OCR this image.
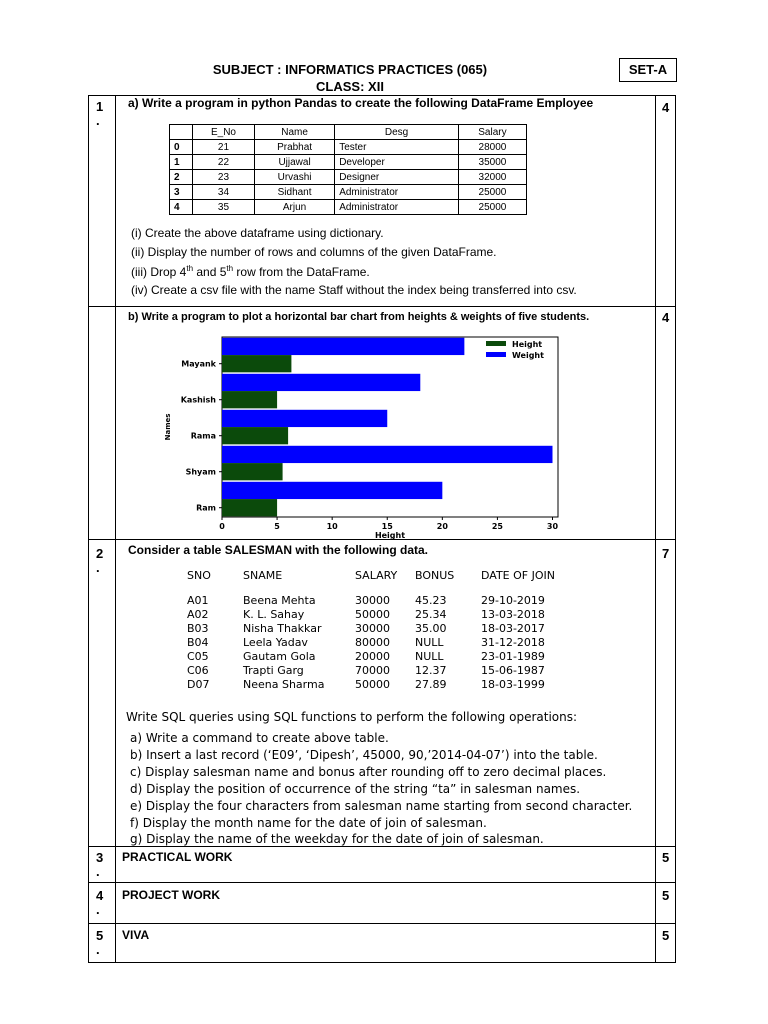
SUBJECT : INFORMATICS PRACTICES (065)
CLASS: XII
SET-A
1
.
a) Write a program in python Pandas to create the following DataFrame Employee	4
	E_No	Name	Desg	Salary
0	21	Prabhat	Tester	28000
1	22	Ujjawal	Developer	35000
2	23	Urvashi	Designer	32000
3	34	Sidhant	Administrator	25000
4	35	Arjun	Administrator	25000
(i) Create the above dataframe using dictionary.
(ii) Display the number of rows and columns of the given DataFrame.
(iii) Drop 4th and 5th row from the DataFrame.
(iv) Create a csv file with the name Staff without the index being transferred into csv.
b) Write a program to plot a horizontal bar chart from heights & weights of five students.	4
Ram
Shyam
Rama
Kashish
Mayank
0	5	10	15	20	25	30
Height
Names
Height
Weight
2
.
Consider a table SALESMAN with the following data.	7
SNO	SNAME	SALARY	BONUS	DATE OF JOIN

A01	Beena Mehta	30000	45.23	29-10-2019
A02	K. L. Sahay	50000	25.34	13-03-2018
B03	Nisha Thakkar	30000	35.00	18-03-2017
B04	Leela Yadav	80000	NULL	31-12-2018
C05	Gautam Gola	20000	NULL	23-01-1989
C06	Trapti Garg	70000	12.37	15-06-1987
D07	Neena Sharma	50000	27.89	18-03-1999
Write SQL queries using SQL functions to perform the following operations:
a) Write a command to create above table.
b) Insert a last record (‘E09’, ‘Dipesh’, 45000, 90,’2014-04-07’) into the table.
c) Display salesman name and bonus after rounding off to zero decimal places.
d) Display the position of occurrence of the string “ta” in salesman names.
e) Display the four characters from salesman name starting from second character.
f) Display the month name for the date of join of salesman.
g) Display the name of the weekday for the date of join of salesman.
3
.
PRACTICAL WORK	5
4
.
PROJECT WORK	5
5
.
VIVA	5
